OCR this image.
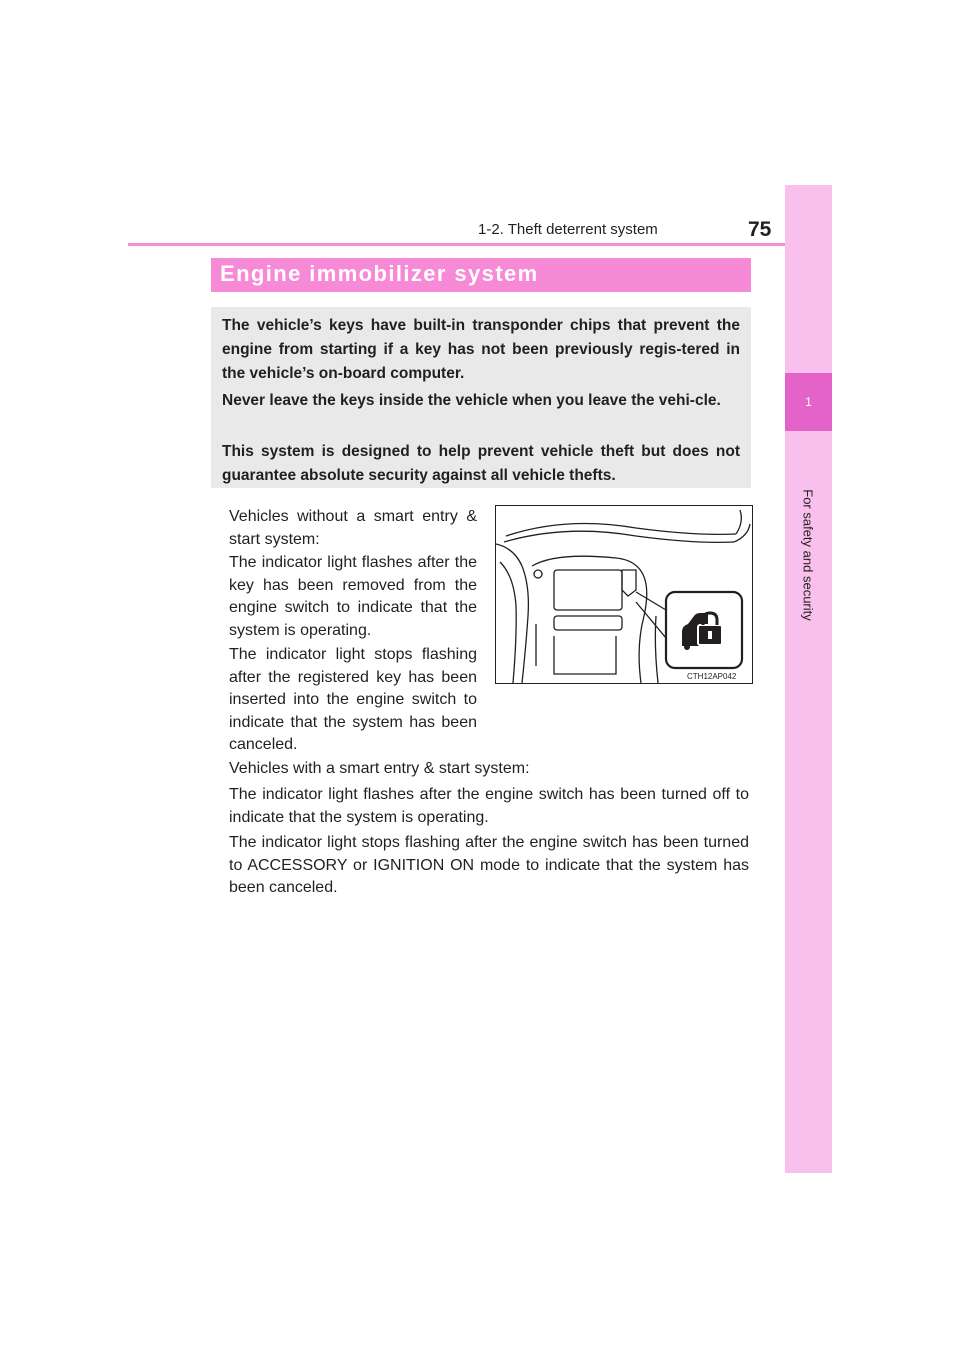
1-2. Theft deterrent system	75
1
For safety and security
Engine immobilizer system

The vehicle’s keys have built-in transponder chips that prevent the engine from starting if a key has not been previously regis-tered in the vehicle’s on-board computer.

Never leave the keys inside the vehicle when you leave the vehi-cle.

This system is designed to help prevent vehicle theft but does not guarantee absolute security against all vehicle thefts.

Vehicles without a smart entry & start system:

The indicator light flashes after the key has been removed from the engine switch to indicate that the system is operating.

The indicator light stops flashing after the registered key has been inserted into the engine switch to indicate that the system has been canceled.

Vehicles with a smart entry & start system:

The indicator light flashes after the engine switch has been turned off to indicate that the system is operating.

The indicator light stops flashing after the engine switch has been turned to ACCESSORY or IGNITION ON mode to indicate that the system has been canceled.

CTH12AP042
